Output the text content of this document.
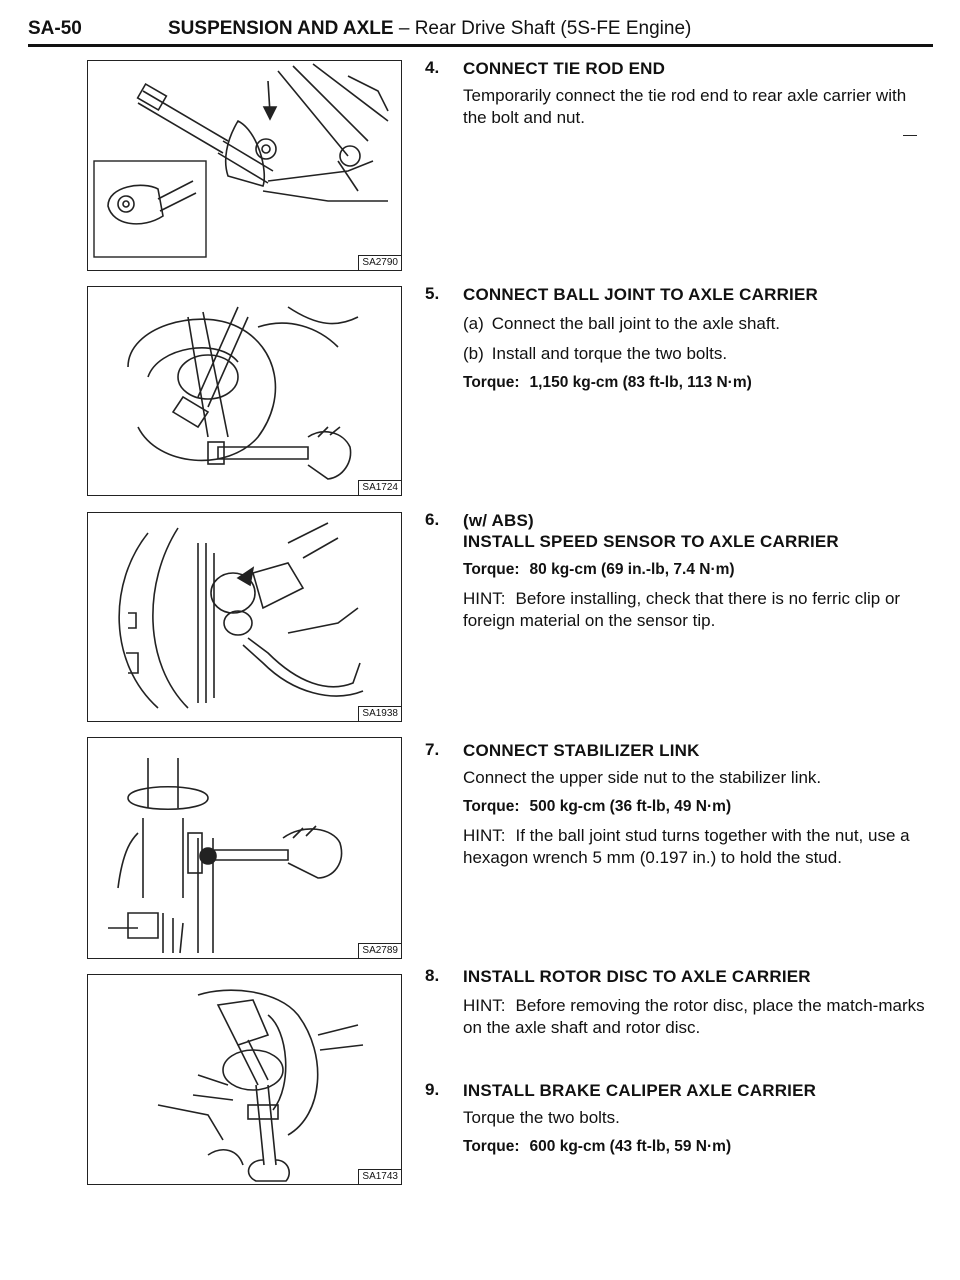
SA-50	SUSPENSION AND AXLE – Rear Drive Shaft (5S-FE Engine)
SA2790
SA1724
SA1938
SA2789
SA1743
—
4. CONNECT TIE ROD END
Temporarily connect the tie rod end to rear axle carrier with the bolt and nut.
5. CONNECT BALL JOINT TO AXLE CARRIER
(a) Connect the ball joint to the axle shaft.
(b) Install and torque the two bolts.
Torque: 1,150 kg-cm (83 ft-lb, 113 N·m)
6. (w/ ABS)
INSTALL SPEED SENSOR TO AXLE CARRIER
Torque: 80 kg-cm (69 in.-lb, 7.4 N·m)
HINT: Before installing, check that there is no ferric clip or foreign material on the sensor tip.
7. CONNECT STABILIZER LINK
Connect the upper side nut to the stabilizer link.
Torque: 500 kg-cm (36 ft-lb, 49 N·m)
HINT: If the ball joint stud turns together with the nut, use a hexagon wrench 5 mm (0.197 in.) to hold the stud.
8. INSTALL ROTOR DISC TO AXLE CARRIER
HINT: Before removing the rotor disc, place the match-marks on the axle shaft and rotor disc.
9. INSTALL BRAKE CALIPER AXLE CARRIER
Torque the two bolts.
Torque: 600 kg-cm (43 ft-lb, 59 N·m)
